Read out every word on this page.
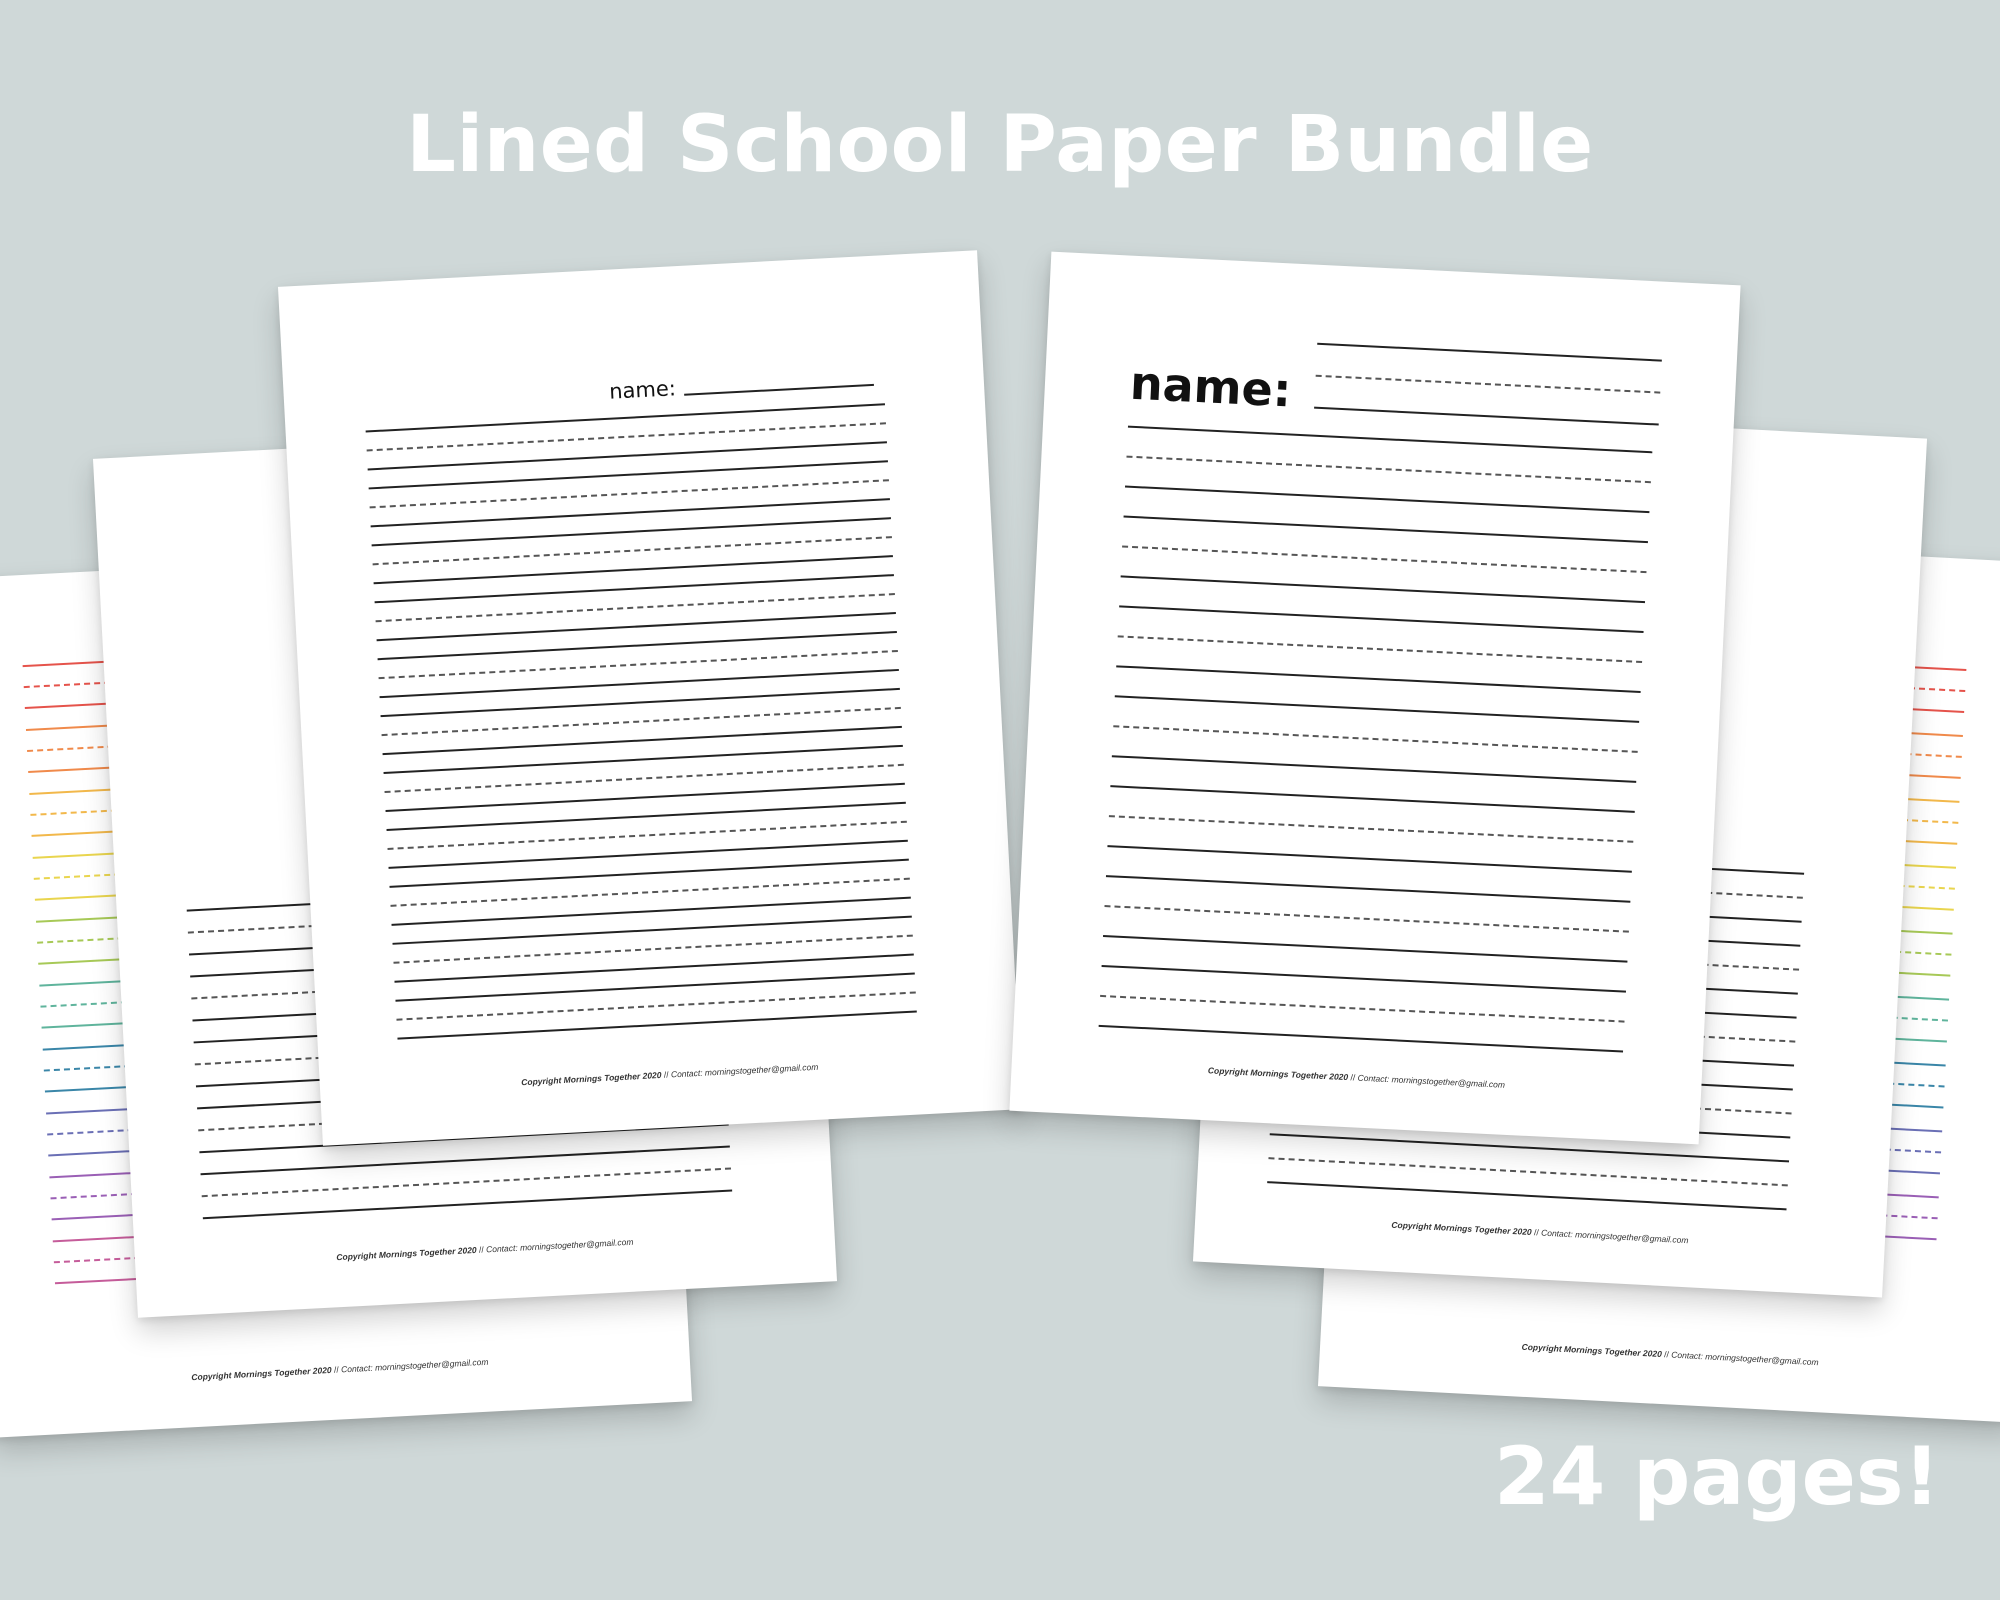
Lined School Paper Bundle
Copyright Mornings Together 2020 // Contact: morningstogether@gmail.com
Copyright Mornings Together 2020 // Contact: morningstogether@gmail.com
name:
Copyright Mornings Together 2020 // Contact: morningstogether@gmail.com
Copyright Mornings Together 2020 // Contact: morningstogether@gmail.com
Copyright Mornings Together 2020 // Contact: morningstogether@gmail.com
name:
Copyright Mornings Together 2020 // Contact: morningstogether@gmail.com
24 pages!
